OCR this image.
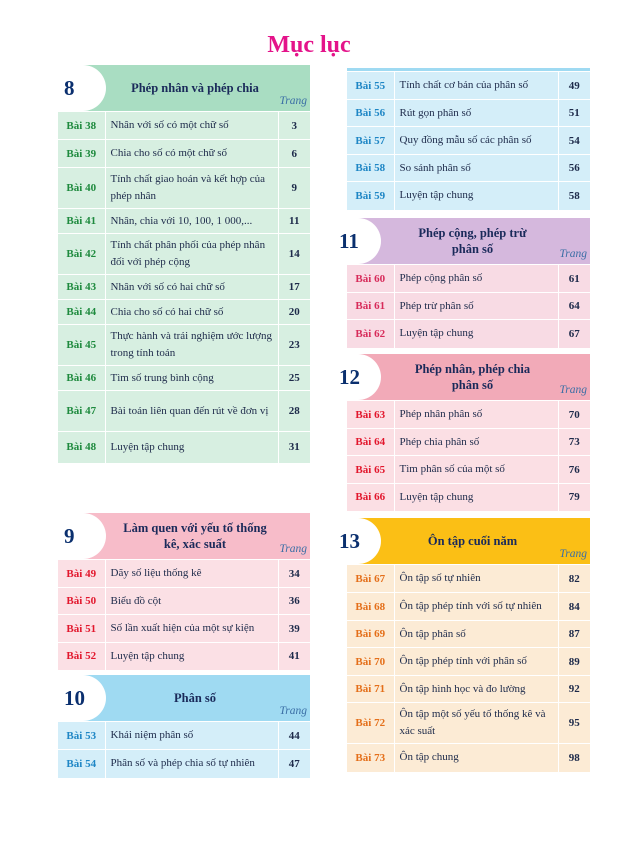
Mục lục
8	Phép nhân và phép chia
Trang
Bài 38	Nhân với số có một chữ số	3
Bài 39	Chia cho số có một chữ số	6
Bài 40	Tính chất giao hoán và kết hợp của phép nhân	9
Bài 41	Nhân, chia với 10, 100, 1 000,...	11
Bài 42	Tính chất phân phối của phép nhân đối với phép cộng	14
Bài 43	Nhân với số có hai chữ số	17
Bài 44	Chia cho số có hai chữ số	20
Bài 45	Thực hành và trải nghiệm ước lượng trong tính toán	23
Bài 46	Tìm số trung bình cộng	25
Bài 47	Bài toán liên quan đến rút về đơn vị	28
Bài 48	Luyện tập chung	31
9	Làm quen với yếu tố thống
kê, xác suất	Trang
Bài 49	Dãy số liệu thống kê	34
Bài 50	Biểu đồ cột	36
Bài 51	Số lần xuất hiện của một sự kiện	39
Bài 52	Luyện tập chung	41
10	Phân số
Trang
Bài 53	Khái niệm phân số	44
Bài 54	Phân số và phép chia số tự nhiên	47
Bài 55	Tính chất cơ bản của phân số	49
Bài 56	Rút gọn phân số	51
Bài 57	Quy đồng mẫu số các phân số	54
Bài 58	So sánh phân số	56
Bài 59	Luyện tập chung	58
11	Phép cộng, phép trừ
phân số	Trang
Bài 60	Phép cộng phân số	61
Bài 61	Phép trừ phân số	64
Bài 62	Luyện tập chung	67
12	Phép nhân, phép chia
phân số	Trang
Bài 63	Phép nhân phân số	70
Bài 64	Phép chia phân số	73
Bài 65	Tìm phân số của một số	76
Bài 66	Luyện tập chung	79
13	Ôn tập cuối năm
Trang
Bài 67	Ôn tập số tự nhiên	82
Bài 68	Ôn tập phép tính với số tự nhiên	84
Bài 69	Ôn tập phân số	87
Bài 70	Ôn tập phép tính với phân số	89
Bài 71	Ôn tập hình học và đo lường	92
Bài 72	Ôn tập một số yếu tố thống kê và xác suất	95
Bài 73	Ôn tập chung	98
